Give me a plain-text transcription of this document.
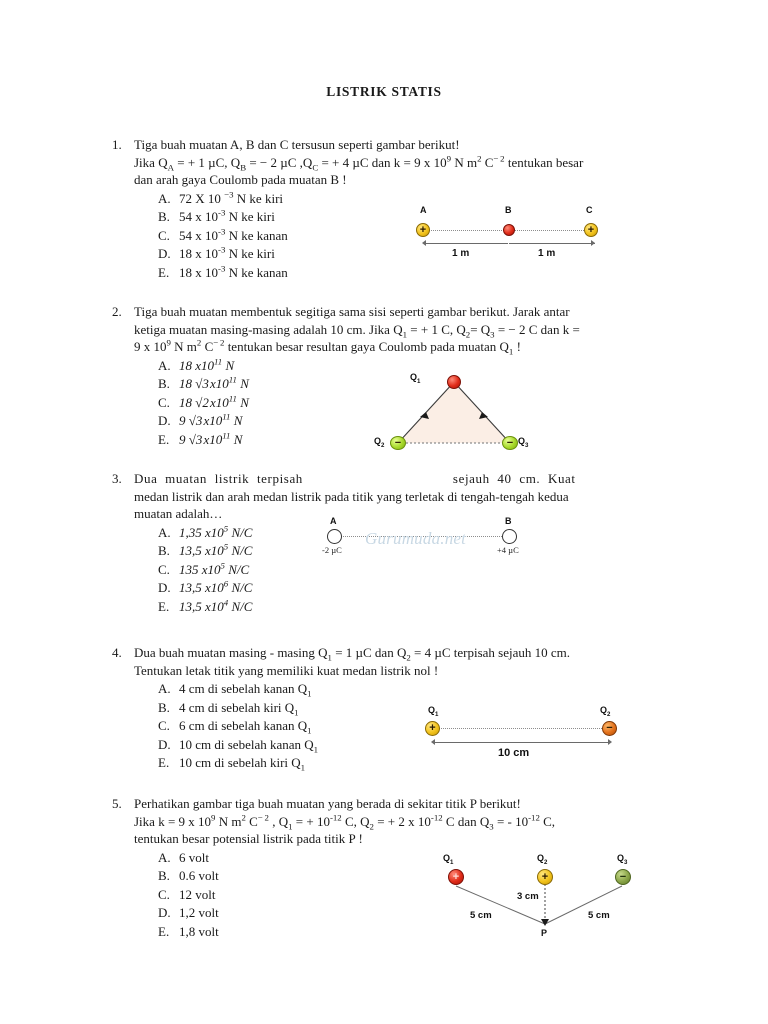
LISTRIK STATIS
1. Tiga buah muatan A, B dan C tersusun seperti gambar berikut!
Jika $Q_A$ = + 1 µC, $Q_B$ = − 2 µC $,Q_C$ = + 4 µC dan k = 9 x $10^9$ N $m^2$ $C^{- 2}$ tentukan besar
dan arah gaya Coulomb pada muatan B !
A. 72 X 10 $^{-3}$ N ke kiri
B. 54 x $10^{-3}$ N ke kiri
C. 54 x $10^{-3}$ N ke kanan
D. 18 x $10^{-3}$ N ke kiri
E. 18 x $10^{-3}$ N ke kanan
A	B	C
+	+
1 m	1 m
2. Tiga buah muatan membentuk segitiga sama sisi seperti gambar berikut. Jarak antar
ketiga muatan masing-masing adalah 10 cm. Jika $Q_1$ = + 1 C, $Q_2= Q_3$ = − 2 C dan k =
9 x $10^9$ N $m^2$ $C^{- 2}$ tentukan besar resultan gaya Coulomb pada muatan $Q_1$ !
A. 18 $x10^{11}$ N
B. 18 √3 $x10^{11}$ N
C. 18 √2 $x10^{11}$ N
D. 9 √3 $x10^{11}$ N
E. 9 √3 $x10^{11}$ N
$Q_1$
$Q_2$	$Q_3$
−	−
3. Dua  muatan  listrik  terpisah	sejauh  40  cm.  Kuat
medan listrik dan arah medan listrik pada titik yang terletak di tengah-tengah kedua
muatan adalah…
A. 1,35 $x10^5$ N/C
B. 13,5 $x10^5$ N/C
C. 135 $x10^5$ N/C
D. 13,5 $x10^6$ N/C
E. 13,5 $x10^4$ N/C
A	B
-2 µC	+4 µC
Gurumuda.net
4. Dua buah muatan masing - masing $Q_1 = 1$ µC dan $Q_2 = 4$ µC terpisah sejauh 10 cm.
Tentukan letak titik yang memiliki kuat medan listrik nol !
A. 4 cm di sebelah kanan $Q_1$
B. 4 cm di sebelah kiri $Q_1$
C. 6 cm di sebelah kanan $Q_1$
D. 10 cm di sebelah kanan $Q_1$
E. 10 cm di sebelah kiri $Q_1$
$Q_1$	$Q_2$
+	−
10 cm
5. Perhatikan gambar tiga buah muatan yang berada di sekitar titik P berikut!
Jika k = 9 x $10^9$ N $m^2$ $C^{- 2}$ , $Q_1$ = + $10^{-12}$ C, $Q_2$ = + 2 x $10^{-12}$ C dan $Q_3$ = - $10^{-12}$ C,
tentukan besar potensial listrik pada titik P !
A. 6 volt
B. 0.6 volt
C. 12 volt
D. 1,2 volt
E. 1,8 volt
$Q_1$	$Q_2$	$Q_3$
+	+	−
3 cm
5 cm	5 cm
P
